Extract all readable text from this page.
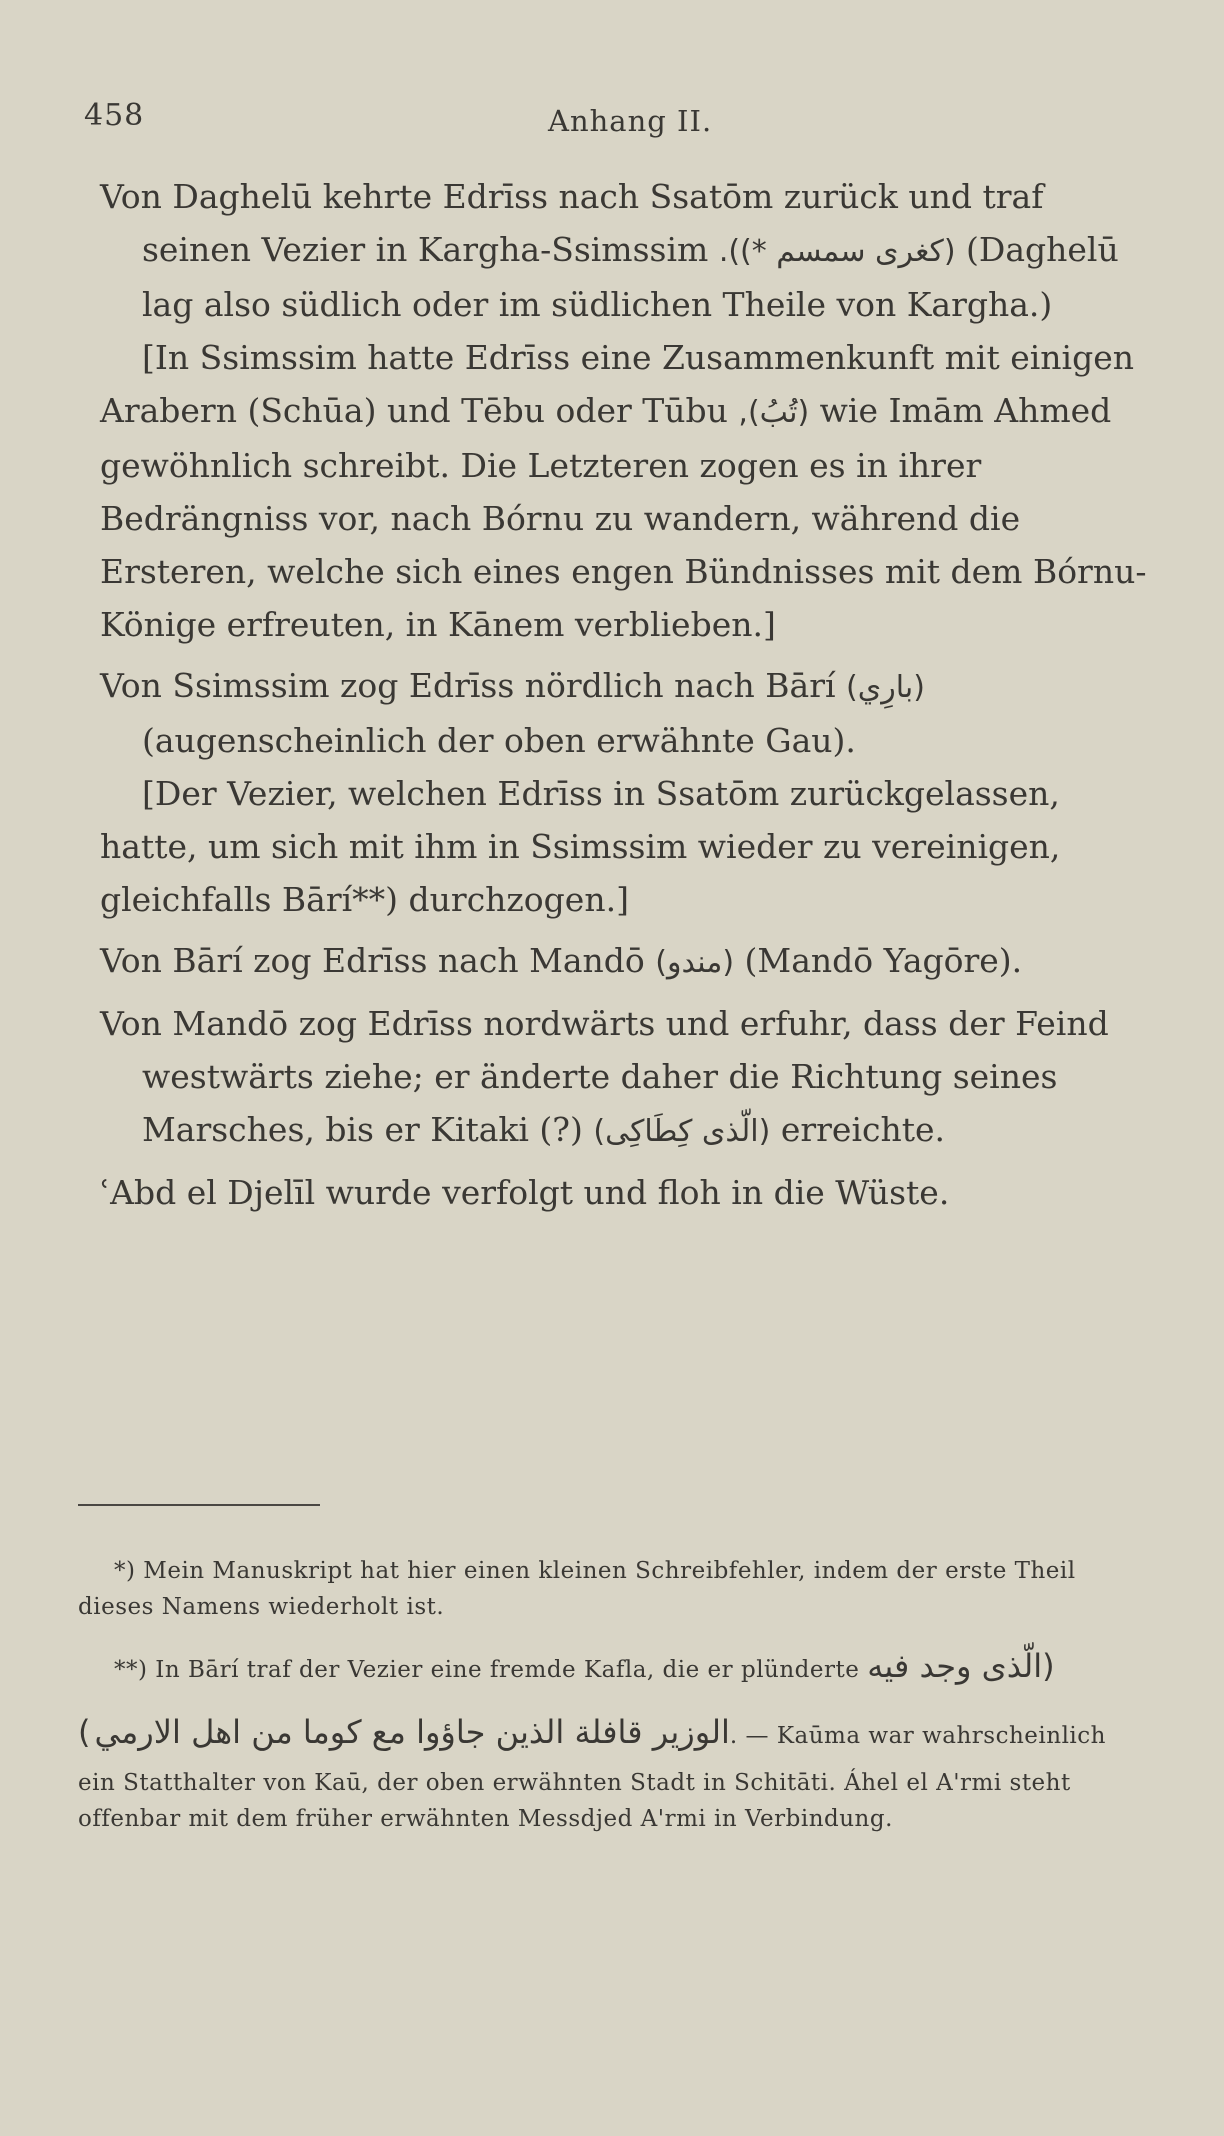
458	Anhang II.

Von Daghelū kehrte Edrīss nach Ssatōm zurück und traf seinen Vezier in Kargha-Ssimssim (كغرى سمسم *)). (Daghelū lag also südlich oder im südlichen Theile von Kargha.)

[In Ssimssim hatte Edrīss eine Zusammenkunft mit einigen Arabern (Schūa) und Tēbu oder Tūbu (تُبُ), wie Imām Ahmed gewöhnlich schreibt. Die Letzteren zogen es in ihrer Bedrängniss vor, nach Bórnu zu wandern, während die Ersteren, welche sich eines engen Bündnisses mit dem Bórnu-Könige erfreuten, in Kānem verblieben.]

Von Ssimssim zog Edrīss nördlich nach Bārí (بارِي) (augenscheinlich der oben erwähnte Gau).

[Der Vezier, welchen Edrīss in Ssatōm zurückgelassen, hatte, um sich mit ihm in Ssimssim wieder zu vereinigen, gleichfalls Bārí**) durchzogen.]

Von Bārí zog Edrīss nach Mandō (مندو) (Mandō Yagōre).

Von Mandō zog Edrīss nordwärts und erfuhr, dass der Feind westwärts ziehe; er änderte daher die Richtung seines Marsches, bis er Kitaki (?) (الّذى كِطَاكِى) erreichte.

ʿAbd el Djelīl wurde verfolgt und floh in die Wüste.

*) Mein Manuskript hat hier einen kleinen Schreibfehler, indem der erste Theil dieses Namens wiederholt ist.

**) In Bārí traf der Vezier eine fremde Kafla, die er plünderte (الّذى وجد فيه الوزير قافلة الذين جاؤوا مع كوما من اهل الارمي). — Kaūma war wahrscheinlich ein Statthalter von Kaū, der oben erwähnten Stadt in Schitāti. Áhel el A'rmi steht offenbar mit dem früher erwähnten Messdjed A'rmi in Verbindung.
